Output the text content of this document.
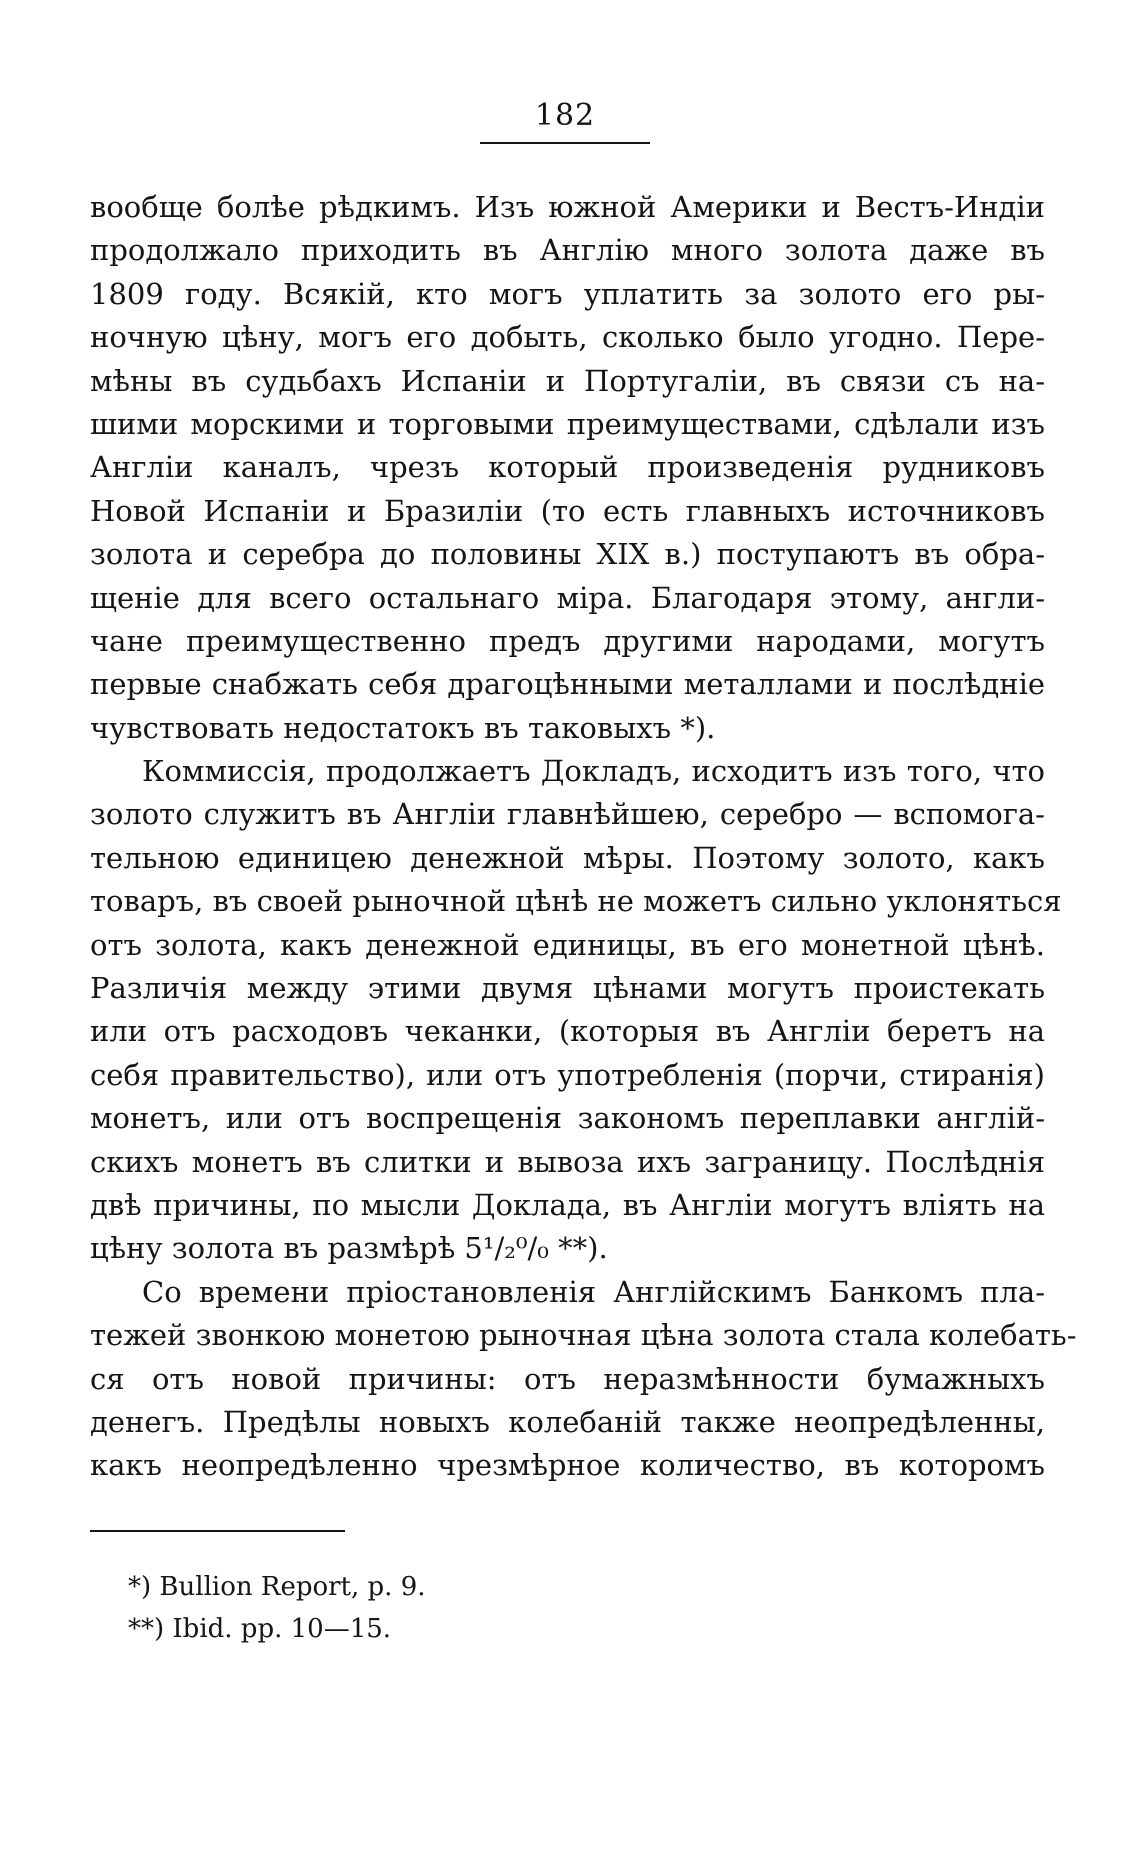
182
вообще болѣе рѣдкимъ. Изъ южной Америки и Вестъ-Индіи
продолжало приходить въ Англію много золота даже въ
1809 году. Всякій, кто могъ уплатить за золото его ры-
ночную цѣну, могъ его добыть, сколько было угодно. Пере-
мѣны въ судьбахъ Испаніи и Португаліи, въ связи съ на-
шими морскими и торговыми преимуществами, сдѣлали изъ
Англіи каналъ, чрезъ который произведенія рудниковъ
Новой Испаніи и Бразиліи (то есть главныхъ источниковъ
золота и серебра до половины XIX в.) поступаютъ въ обра-
щеніе для всего остальнаго міра. Благодаря этому, англи-
чане преимущественно предъ другими народами, могутъ
первые снабжать себя драгоцѣнными металлами и послѣдніе
чувствовать недостатокъ въ таковыхъ *).
Коммиссія, продолжаетъ Докладъ, исходитъ изъ того, что
золото служитъ въ Англіи главнѣйшею, серебро — вспомога-
тельною единицею денежной мѣры. Поэтому золото, какъ
товаръ, въ своей рыночной цѣнѣ не можетъ сильно уклоняться
отъ золота, какъ денежной единицы, въ его монетной цѣнѣ.
Различія между этими двумя цѣнами могутъ проистекать
или отъ расходовъ чеканки, (которыя въ Англіи беретъ на
себя правительство), или отъ употребленія (порчи, стиранія)
монетъ, или отъ воспрещенія закономъ переплавки англій-
скихъ монетъ въ слитки и вывоза ихъ заграницу. Послѣднія
двѣ причины, по мысли Доклада, въ Англіи могутъ вліять на
цѣну золота въ размѣрѣ 5¹/₂⁰/₀ **).
Со времени пріостановленія Англійскимъ Банкомъ пла-
тежей звонкою монетою рыночная цѣна золота стала колебать-
ся отъ новой причины: отъ неразмѣнности бумажныхъ
денегъ. Предѣлы новыхъ колебаній также неопредѣленны,
какъ неопредѣленно чрезмѣрное количество, въ которомъ
*) Bullion Report, p. 9.
**) Ibid. pp. 10—15.
